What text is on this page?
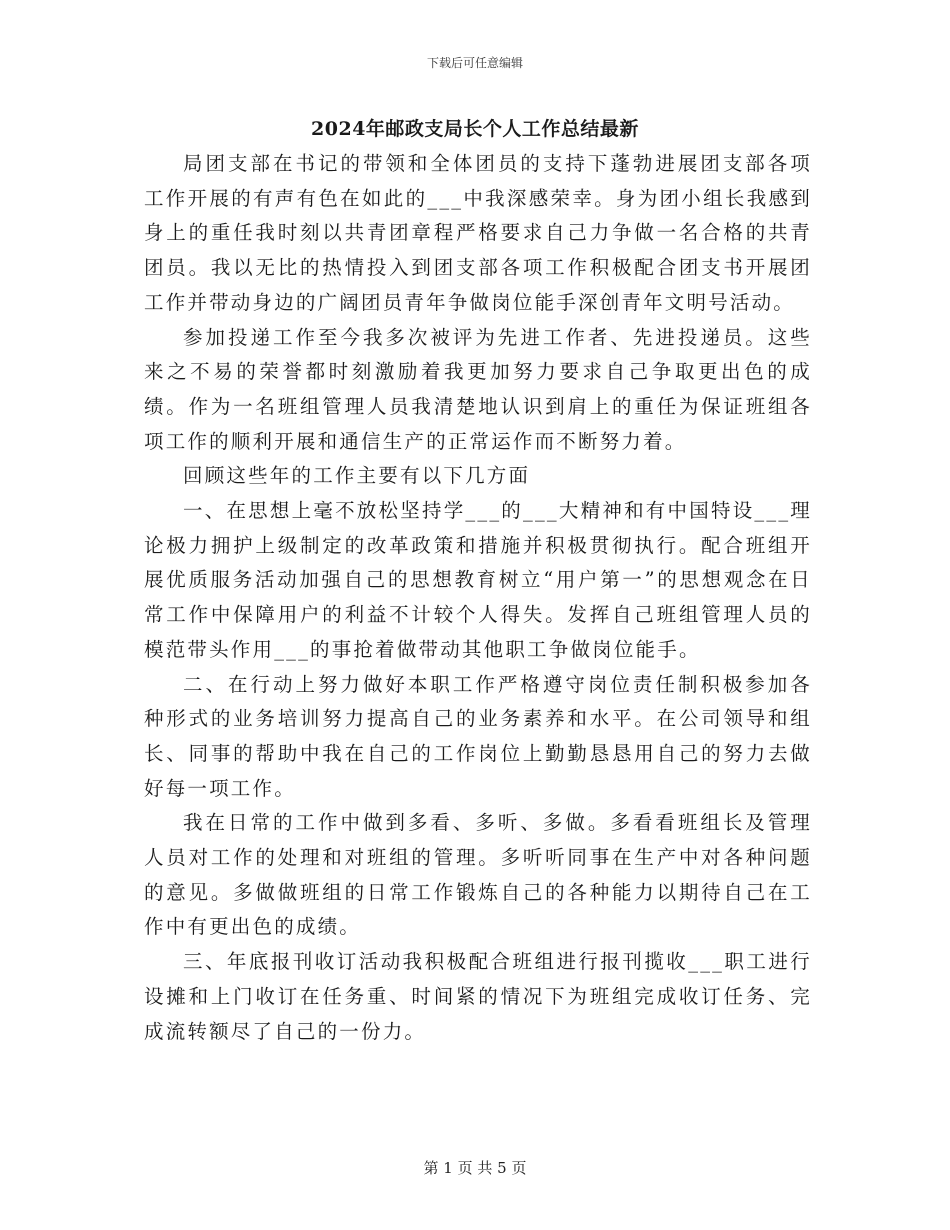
下载后可任意编辑
2024年邮政支局长个人工作总结最新

局团支部在书记的带领和全体团员的支持下蓬勃进展团支部各项工作开展的有声有色在如此的___中我深感荣幸。身为团小组长我感到身上的重任我时刻以共青团章程严格要求自己力争做一名合格的共青团员。我以无比的热情投入到团支部各项工作积极配合团支书开展团工作并带动身边的广阔团员青年争做岗位能手深创青年文明号活动。

参加投递工作至今我多次被评为先进工作者、先进投递员。这些来之不易的荣誉都时刻激励着我更加努力要求自己争取更出色的成绩。作为一名班组管理人员我清楚地认识到肩上的重任为保证班组各项工作的顺利开展和通信生产的正常运作而不断努力着。

回顾这些年的工作主要有以下几方面

一、在思想上毫不放松坚持学___的___大精神和有中国特设___理论极力拥护上级制定的改革政策和措施并积极贯彻执行。配合班组开展优质服务活动加强自己的思想教育树立“用户第一”的思想观念在日常工作中保障用户的利益不计较个人得失。发挥自己班组管理人员的模范带头作用___的事抢着做带动其他职工争做岗位能手。

二、在行动上努力做好本职工作严格遵守岗位责任制积极参加各种形式的业务培训努力提高自己的业务素养和水平。在公司领导和组长、同事的帮助中我在自己的工作岗位上勤勤恳恳用自己的努力去做好每一项工作。

我在日常的工作中做到多看、多听、多做。多看看班组长及管理人员对工作的处理和对班组的管理。多听听同事在生产中对各种问题的意见。多做做班组的日常工作锻炼自己的各种能力以期待自己在工作中有更出色的成绩。

三、年底报刊收订活动我积极配合班组进行报刊揽收___职工进行设摊和上门收订在任务重、时间紧的情况下为班组完成收订任务、完成流转额尽了自己的一份力。

第 1 页 共 5 页
